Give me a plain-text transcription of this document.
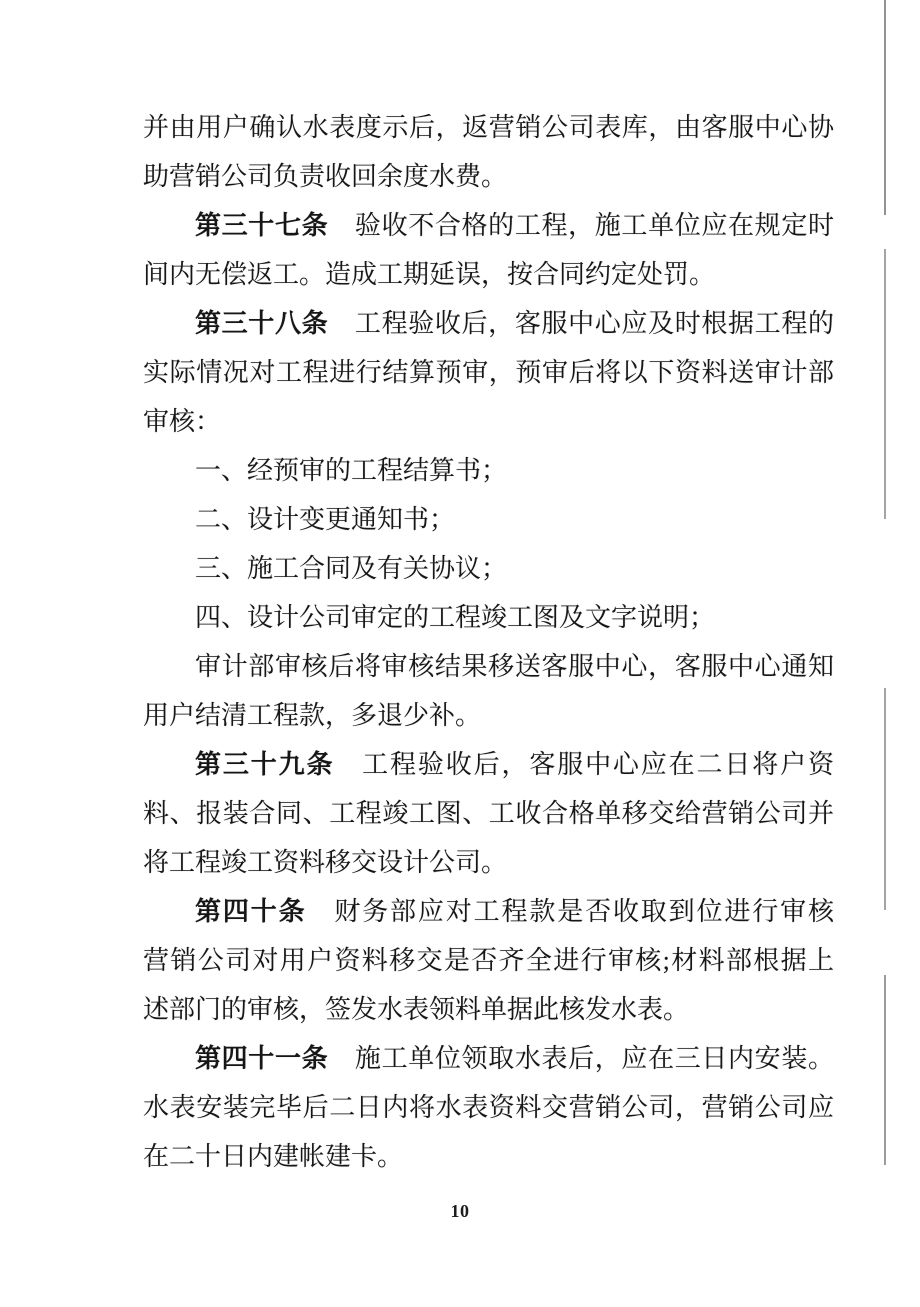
并由用户确认水表度示后，返营销公司表库，由客服中心协
助营销公司负责收回余度水费。
第三十七条　验收不合格的工程，施工单位应在规定时
间内无偿返工。造成工期延误，按合同约定处罚。
第三十八条　工程验收后，客服中心应及时根据工程的
实际情况对工程进行结算预审，预审后将以下资料送审计部
审核：
一、经预审的工程结算书；
二、设计变更通知书；
三、施工合同及有关协议；
四、设计公司审定的工程竣工图及文字说明；
审计部审核后将审核结果移送客服中心，客服中心通知
用户结清工程款，多退少补。
第三十九条　工程验收后，客服中心应在二日将户资
料、报装合同、工程竣工图、工收合格单移交给营销公司并
将工程竣工资料移交设计公司。
第四十条　财务部应对工程款是否收取到位进行审核
营销公司对用户资料移交是否齐全进行审核;材料部根据上
述部门的审核，签发水表领料单据此核发水表。
第四十一条　施工单位领取水表后，应在三日内安装。
水表安装完毕后二日内将水表资料交营销公司，营销公司应
在二十日内建帐建卡。
10
